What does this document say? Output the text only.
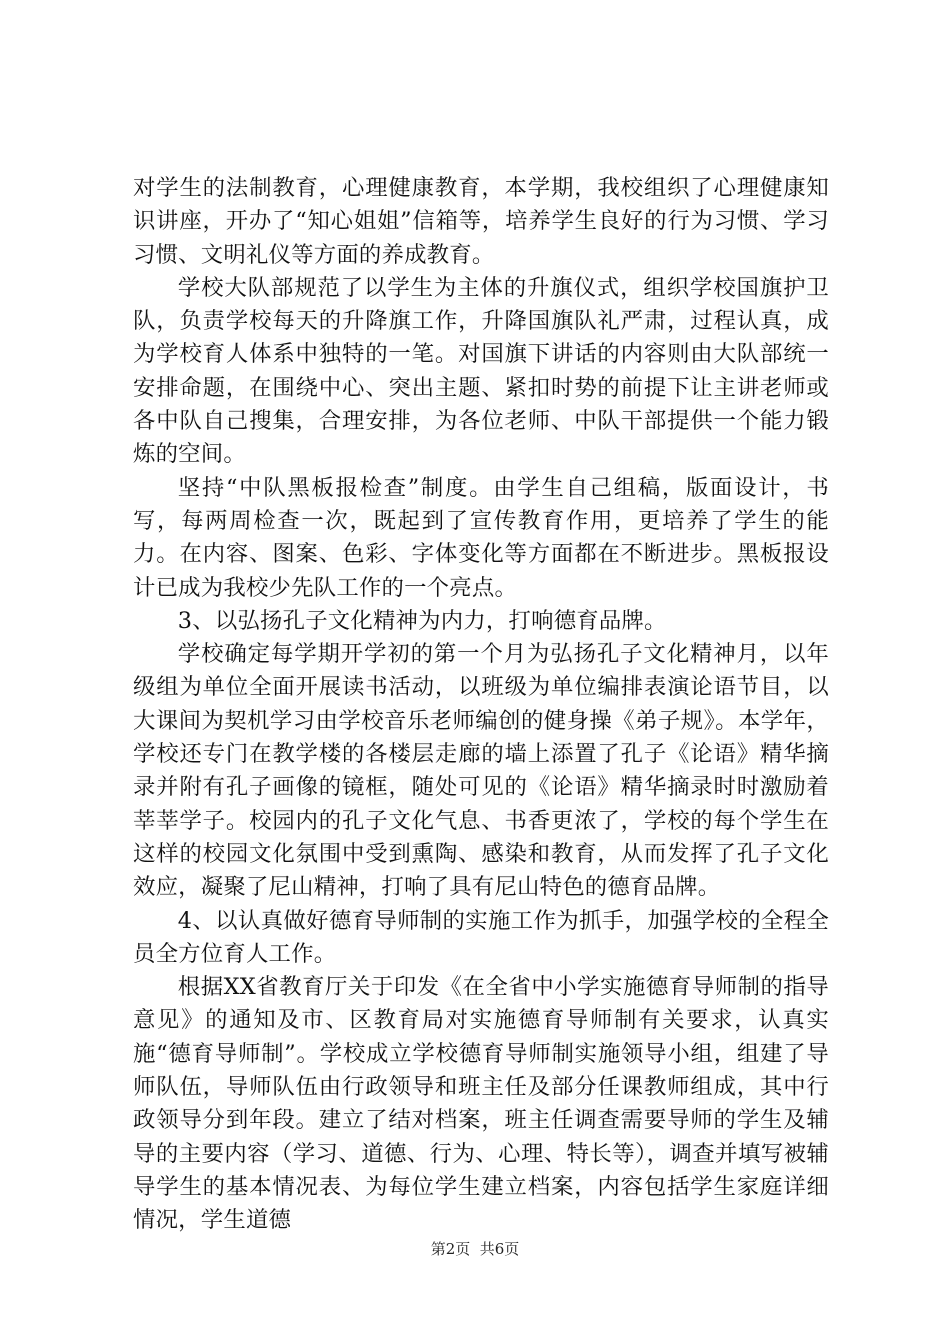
对学生的法制教育，心理健康教育，本学期，我校组织了心理健康知识讲座，开办了“知心姐姐”信箱等，培养学生良好的行为习惯、学习习惯、文明礼仪等方面的养成教育。

学校大队部规范了以学生为主体的升旗仪式，组织学校国旗护卫队，负责学校每天的升降旗工作，升降国旗队礼严肃，过程认真，成为学校育人体系中独特的一笔。对国旗下讲话的内容则由大队部统一安排命题，在围绕中心、突出主题、紧扣时势的前提下让主讲老师或各中队自己搜集，合理安排，为各位老师、中队干部提供一个能力锻炼的空间。

坚持“中队黑板报检查”制度。由学生自己组稿，版面设计，书写，每两周检查一次，既起到了宣传教育作用，更培养了学生的能力。在内容、图案、色彩、字体变化等方面都在不断进步。黑板报设计已成为我校少先队工作的一个亮点。

3、以弘扬孔子文化精神为内力，打响德育品牌。

学校确定每学期开学初的第一个月为弘扬孔子文化精神月，以年级组为单位全面开展读书活动，以班级为单位编排表演论语节目，以大课间为契机学习由学校音乐老师编创的健身操《弟子规》。本学年，学校还专门在教学楼的各楼层走廊的墙上添置了孔子《论语》精华摘录并附有孔子画像的镜框，随处可见的《论语》精华摘录时时激励着莘莘学子。校园内的孔子文化气息、书香更浓了，学校的每个学生在这样的校园文化氛围中受到熏陶、感染和教育，从而发挥了孔子文化效应，凝聚了尼山精神，打响了具有尼山特色的德育品牌。

4、以认真做好德育导师制的实施工作为抓手，加强学校的全程全员全方位育人工作。

根据XX省教育厅关于印发《在全省中小学实施德育导师制的指导意见》的通知及市、区教育局对实施德育导师制有关要求，认真实施“德育导师制”。学校成立学校德育导师制实施领导小组，组建了导师队伍，导师队伍由行政领导和班主任及部分任课教师组成，其中行政领导分到年段。建立了结对档案，班主任调查需要导师的学生及辅导的主要内容（学习、道德、行为、心理、特长等），调查并填写被辅导学生的基本情况表、为每位学生建立档案，内容包括学生家庭详细情况，学生道德

第2页  共6页
